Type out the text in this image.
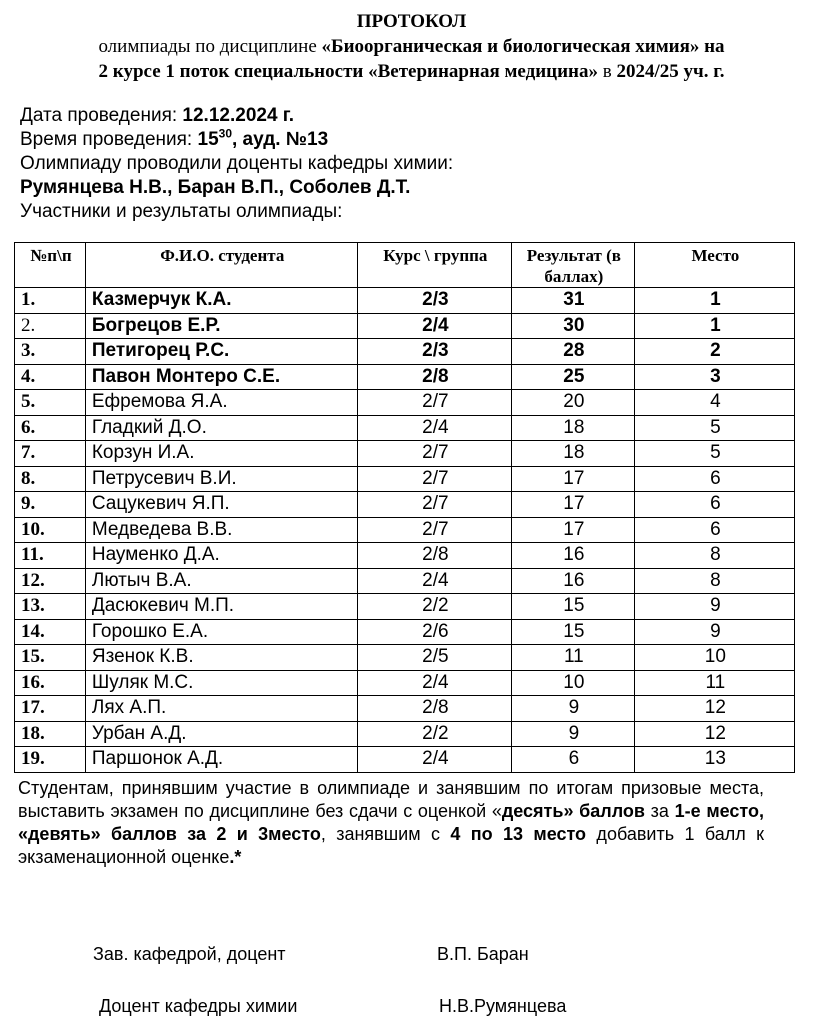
ПРОТОКОЛ
олимпиады по дисциплине «Биоорганическая и биологическая химия» на
2 курсе 1 поток специальности «Ветеринарная медицина» в 2024/25 уч. г.
Дата проведения: 12.12.2024 г.
Время проведения: $15^{30}$, ауд. №13
Олимпиаду проводили доценты кафедры химии:
Румянцева Н.В., Баран В.П., Соболев Д.Т.
Участники и результаты олимпиады:
№п\п	Ф.И.О. студента	Курс \ группа	Результат (в баллах)	Место
1.	Казмерчук К.А.	2/3	31	1
2.	Богрецов Е.Р.	2/4	30	1
3.	Петигорец Р.С.	2/3	28	2
4.	Павон Монтеро С.Е.	2/8	25	3
5.	Ефремова Я.А.	2/7	20	4
6.	Гладкий Д.О.	2/4	18	5
7.	Корзун И.А.	2/7	18	5
8.	Петрусевич В.И.	2/7	17	6
9.	Сацукевич Я.П.	2/7	17	6
10.	Медведева В.В.	2/7	17	6
11.	Науменко Д.А.	2/8	16	8
12.	Лютыч В.А.	2/4	16	8
13.	Дасюкевич М.П.	2/2	15	9
14.	Горошко Е.А.	2/6	15	9
15.	Язенок К.В.	2/5	11	10
16.	Шуляк М.С.	2/4	10	11
17.	Лях А.П.	2/8	9	12
18.	Урбан А.Д.	2/2	9	12
19.	Паршонок А.Д.	2/4	6	13
Студентам, принявшим участие в олимпиаде и занявшим по итогам призовые места, выставить экзамен по дисциплине без сдачи с оценкой «десять» баллов за 1-е место, «девять» баллов за 2 и 3место, занявшим с 4 по 13 место добавить 1 балл к экзаменационной оценке.*
Зав. кафедрой, доцент	В.П. Баран
Доцент кафедры химии	Н.В.Румянцева
